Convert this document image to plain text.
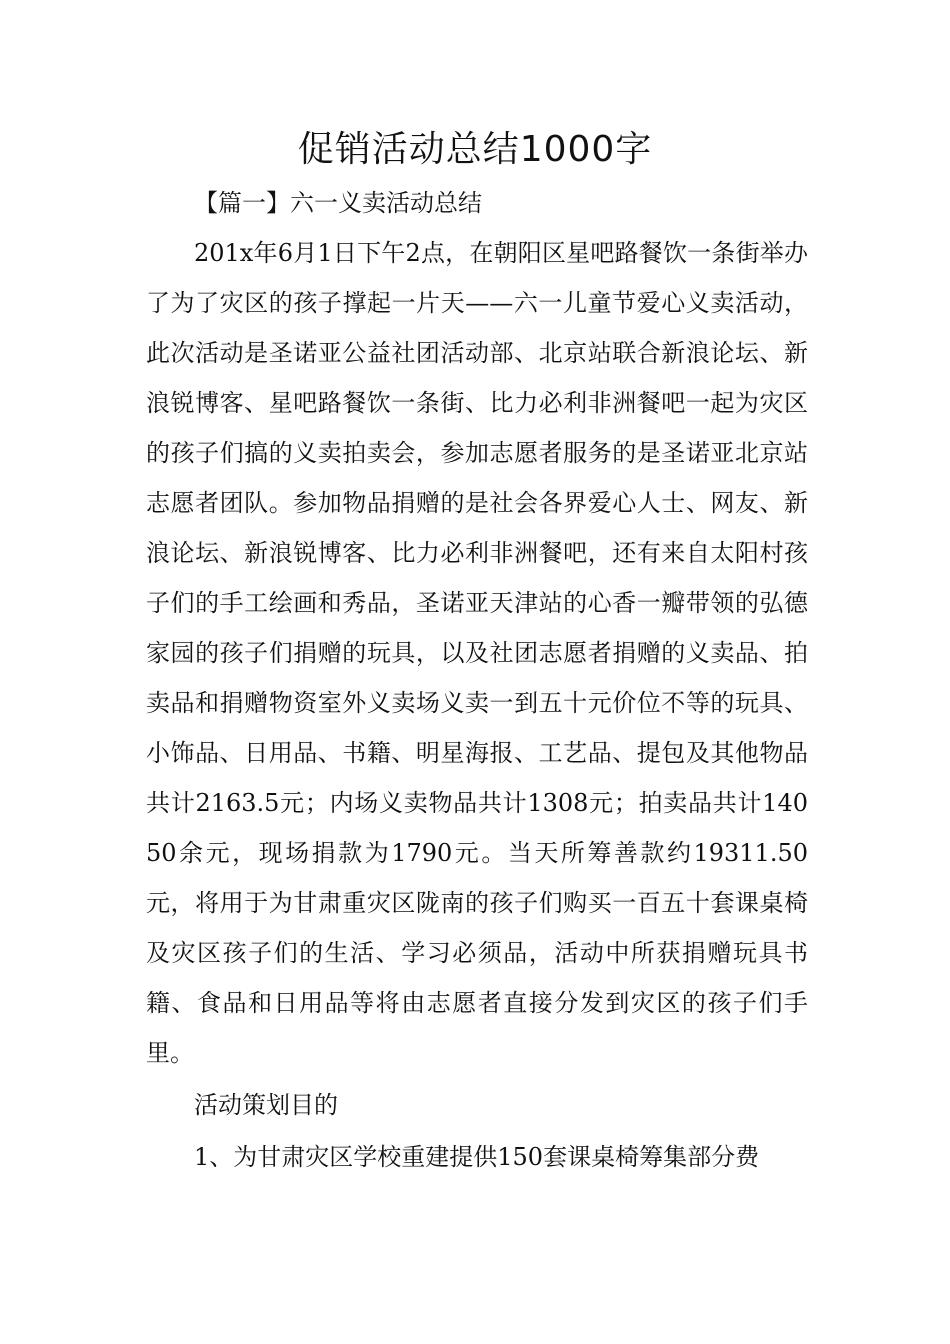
促销活动总结1000字

【篇一】六一义卖活动总结

201x年6月1日下午2点，在朝阳区星吧路餐饮一条街举办了为了灾区的孩子撑起一片天——六一儿童节爱心义卖活动，此次活动是圣诺亚公益社团活动部、北京站联合新浪论坛、新浪锐博客、星吧路餐饮一条街、比力必利非洲餐吧一起为灾区的孩子们搞的义卖拍卖会，参加志愿者服务的是圣诺亚北京站志愿者团队。参加物品捐赠的是社会各界爱心人士、网友、新浪论坛、新浪锐博客、比力必利非洲餐吧，还有来自太阳村孩子们的手工绘画和秀品，圣诺亚天津站的心香一瓣带领的弘德家园的孩子们捐赠的玩具，以及社团志愿者捐赠的义卖品、拍卖品和捐赠物资室外义卖场义卖一到五十元价位不等的玩具、小饰品、日用品、书籍、明星海报、工艺品、提包及其他物品共计2163.5元；内场义卖物品共计1308元；拍卖品共计14050余元，现场捐款为1790元。当天所筹善款约19311.50元，将用于为甘肃重灾区陇南的孩子们购买一百五十套课桌椅及灾区孩子们的生活、学习必须品，活动中所获捐赠玩具书籍、食品和日用品等将由志愿者直接分发到灾区的孩子们手里。

活动策划目的

1、为甘肃灾区学校重建提供150套课桌椅筹集部分费
